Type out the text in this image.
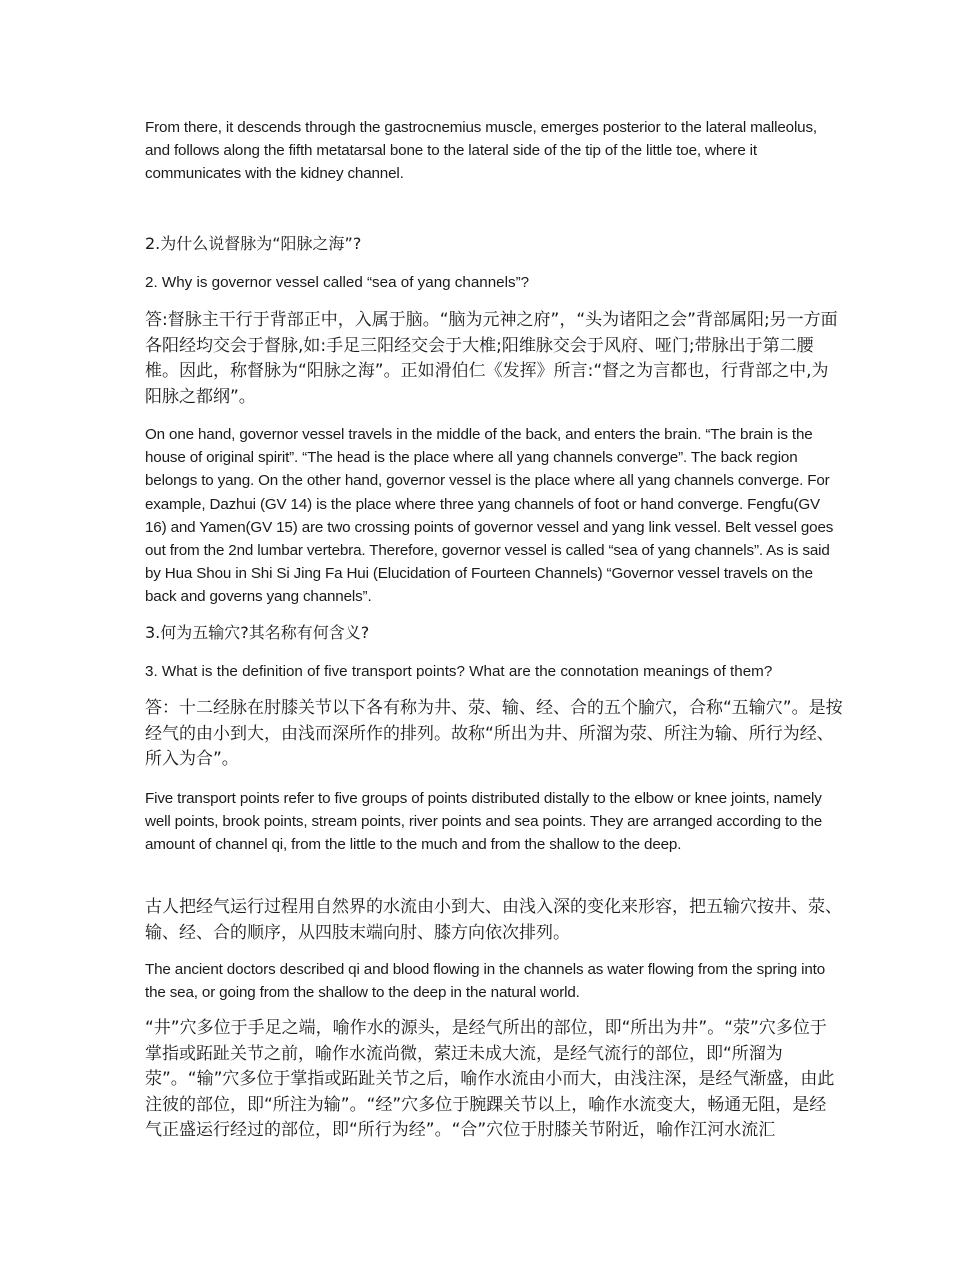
From there, it descends through the gastrocnemius muscle, emerges posterior to the lateral malleolus, and follows along the fifth metatarsal bone to the lateral side of the tip of the little toe, where it communicates with the kidney channel.

2.为什么说督脉为“阳脉之海”?

2. Why is governor vessel called “sea of yang channels”?

答:督脉主干行于背部正中，入属于脑。“脑为元神之府”，“头为诸阳之会”背部属阳;另一方面各阳经均交会于督脉,如:手足三阳经交会于大椎;阳维脉交会于风府、哑门;带脉出于第二腰椎。因此，称督脉为“阳脉之海”。正如滑伯仁《发挥》所言:“督之为言都也，行背部之中,为阳脉之都纲”。

On one hand, governor vessel travels in the middle of the back, and enters the brain. “The brain is the house of original spirit”. “The head is the place where all yang channels converge”. The back region belongs to yang. On the other hand, governor vessel is the place where all yang channels converge. For example, Dazhui (GV 14) is the place where three yang channels of foot or hand converge. Fengfu(GV 16) and Yamen(GV 15) are two crossing points of governor vessel and yang link vessel. Belt vessel goes out from the 2nd lumbar vertebra. Therefore, governor vessel is called “sea of yang channels”. As is said by Hua Shou in Shi Si Jing Fa Hui (Elucidation of Fourteen Channels) “Governor vessel travels on the back and governs yang channels”.

3.何为五输穴?其名称有何含义?

3. What is the definition of five transport points? What are the connotation meanings of them?

答：十二经脉在肘膝关节以下各有称为井、荥、输、经、合的五个腧穴，合称“五输穴”。是按经气的由小到大，由浅而深所作的排列。故称“所出为井、所溜为荥、所注为输、所行为经、所入为合”。

Five transport points refer to five groups of points distributed distally to the elbow or knee joints, namely well points, brook points, stream points, river points and sea points. They are arranged according to the amount of channel qi, from the little to the much and from the shallow to the deep.

古人把经气运行过程用自然界的水流由小到大、由浅入深的变化来形容，把五输穴按井、荥、输、经、合的顺序，从四肢末端向肘、膝方向依次排列。

The ancient doctors described qi and blood flowing in the channels as water flowing from the spring into the sea, or going from the shallow to the deep in the natural world.

“井”穴多位于手足之端，喻作水的源头，是经气所出的部位，即“所出为井”。“荥”穴多位于掌指或跖趾关节之前，喻作水流尚微，萦迂未成大流，是经气流行的部位，即“所溜为荥”。“输”穴多位于掌指或跖趾关节之后，喻作水流由小而大，由浅注深，是经气渐盛，由此注彼的部位，即“所注为输”。“经”穴多位于腕踝关节以上，喻作水流变大，畅通无阻，是经气正盛运行经过的部位，即“所行为经”。“合”穴位于肘膝关节附近，喻作江河水流汇
